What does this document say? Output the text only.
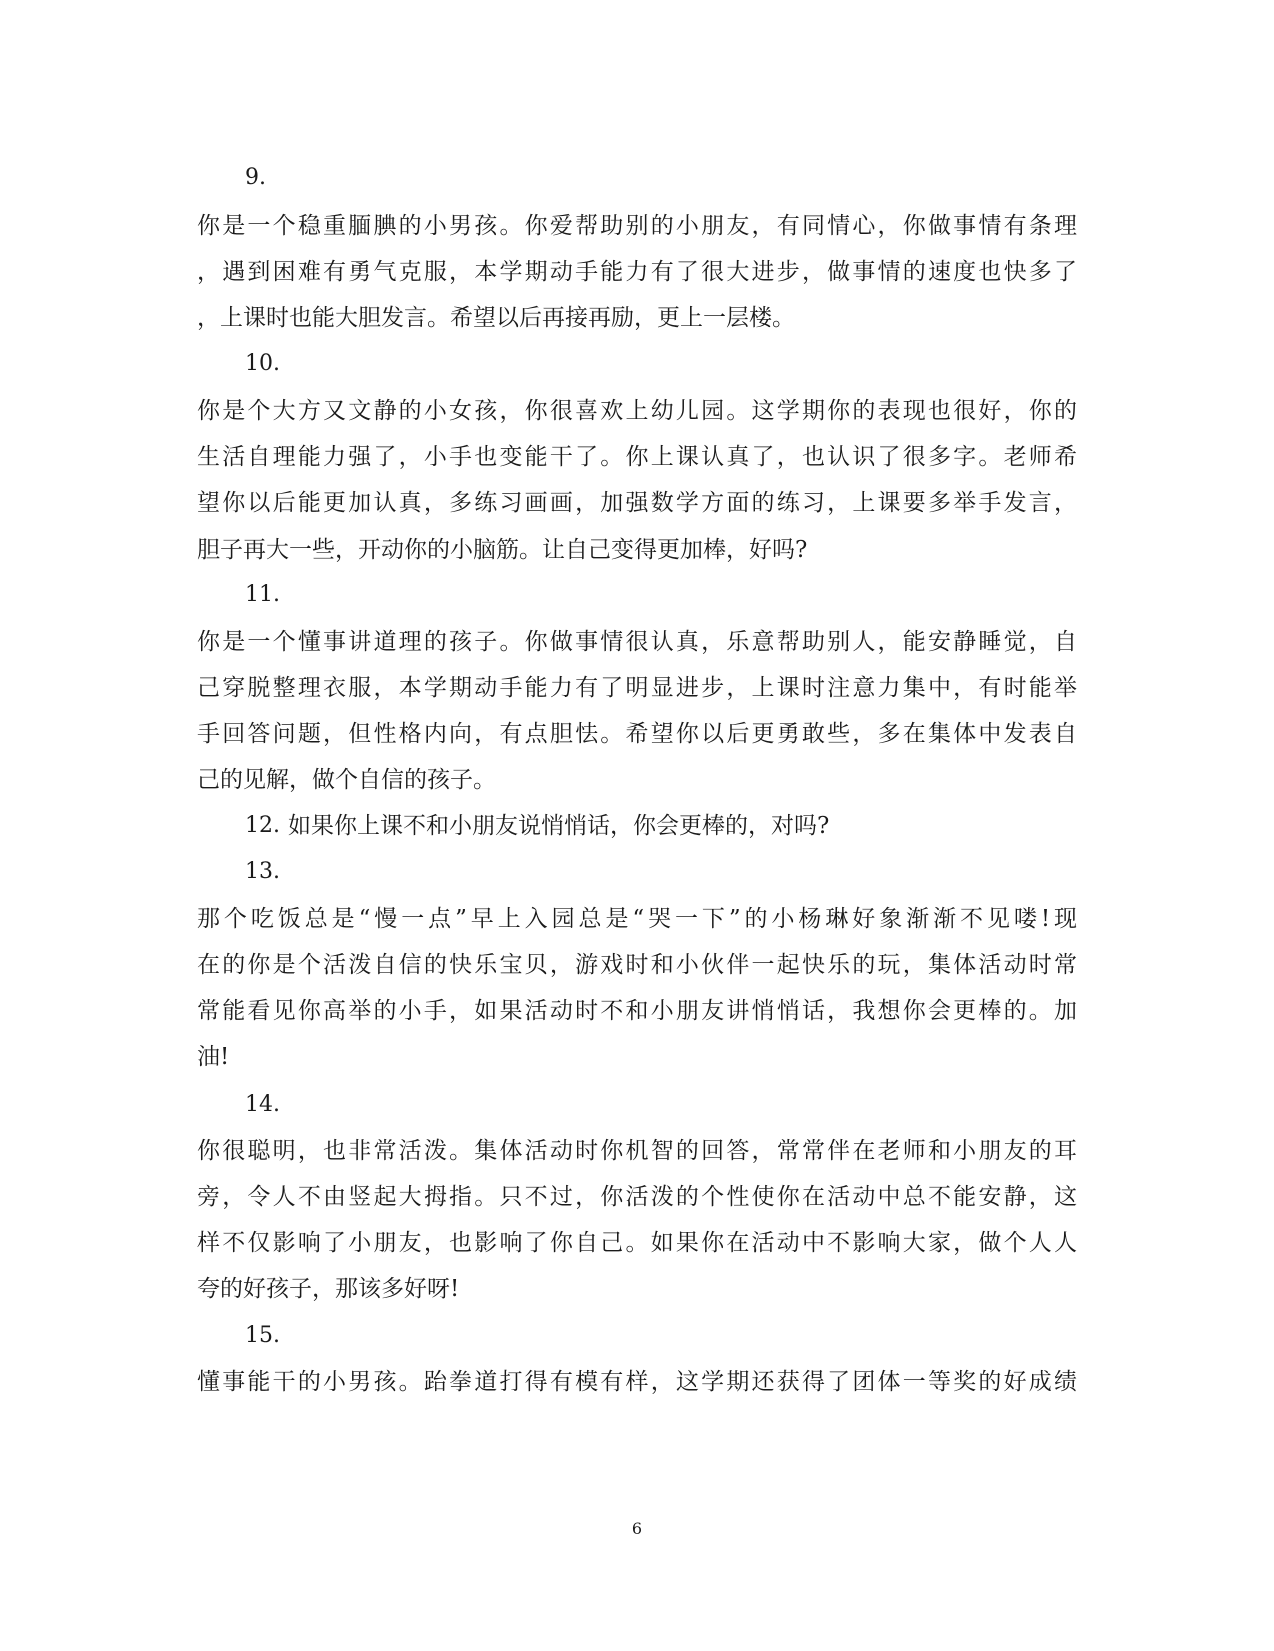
9.
你是一个稳重腼腆的小男孩。你爱帮助别的小朋友，有同情心，你做事情有条理
，遇到困难有勇气克服，本学期动手能力有了很大进步，做事情的速度也快多了
，上课时也能大胆发言。希望以后再接再励，更上一层楼。
10.
你是个大方又文静的小女孩，你很喜欢上幼儿园。这学期你的表现也很好，你的
生活自理能力强了，小手也变能干了。你上课认真了，也认识了很多字。老师希
望你以后能更加认真，多练习画画，加强数学方面的练习，上课要多举手发言，
胆子再大一些，开动你的小脑筋。让自己变得更加棒，好吗?
11.
你是一个懂事讲道理的孩子。你做事情很认真，乐意帮助别人，能安静睡觉，自
己穿脱整理衣服，本学期动手能力有了明显进步，上课时注意力集中，有时能举
手回答问题，但性格内向，有点胆怯。希望你以后更勇敢些，多在集体中发表自
己的见解，做个自信的孩子。
12. 如果你上课不和小朋友说悄悄话，你会更棒的，对吗?
13.
那个吃饭总是“慢一点”早上入园总是“哭一下”的小杨琳好象渐渐不见喽!现
在的你是个活泼自信的快乐宝贝，游戏时和小伙伴一起快乐的玩，集体活动时常
常能看见你高举的小手，如果活动时不和小朋友讲悄悄话，我想你会更棒的。加
油!
14.
你很聪明，也非常活泼。集体活动时你机智的回答，常常伴在老师和小朋友的耳
旁，令人不由竖起大拇指。只不过，你活泼的个性使你在活动中总不能安静，这
样不仅影响了小朋友，也影响了你自己。如果你在活动中不影响大家，做个人人
夸的好孩子，那该多好呀!
15.
懂事能干的小男孩。跆拳道打得有模有样，这学期还获得了团体一等奖的好成绩
6
